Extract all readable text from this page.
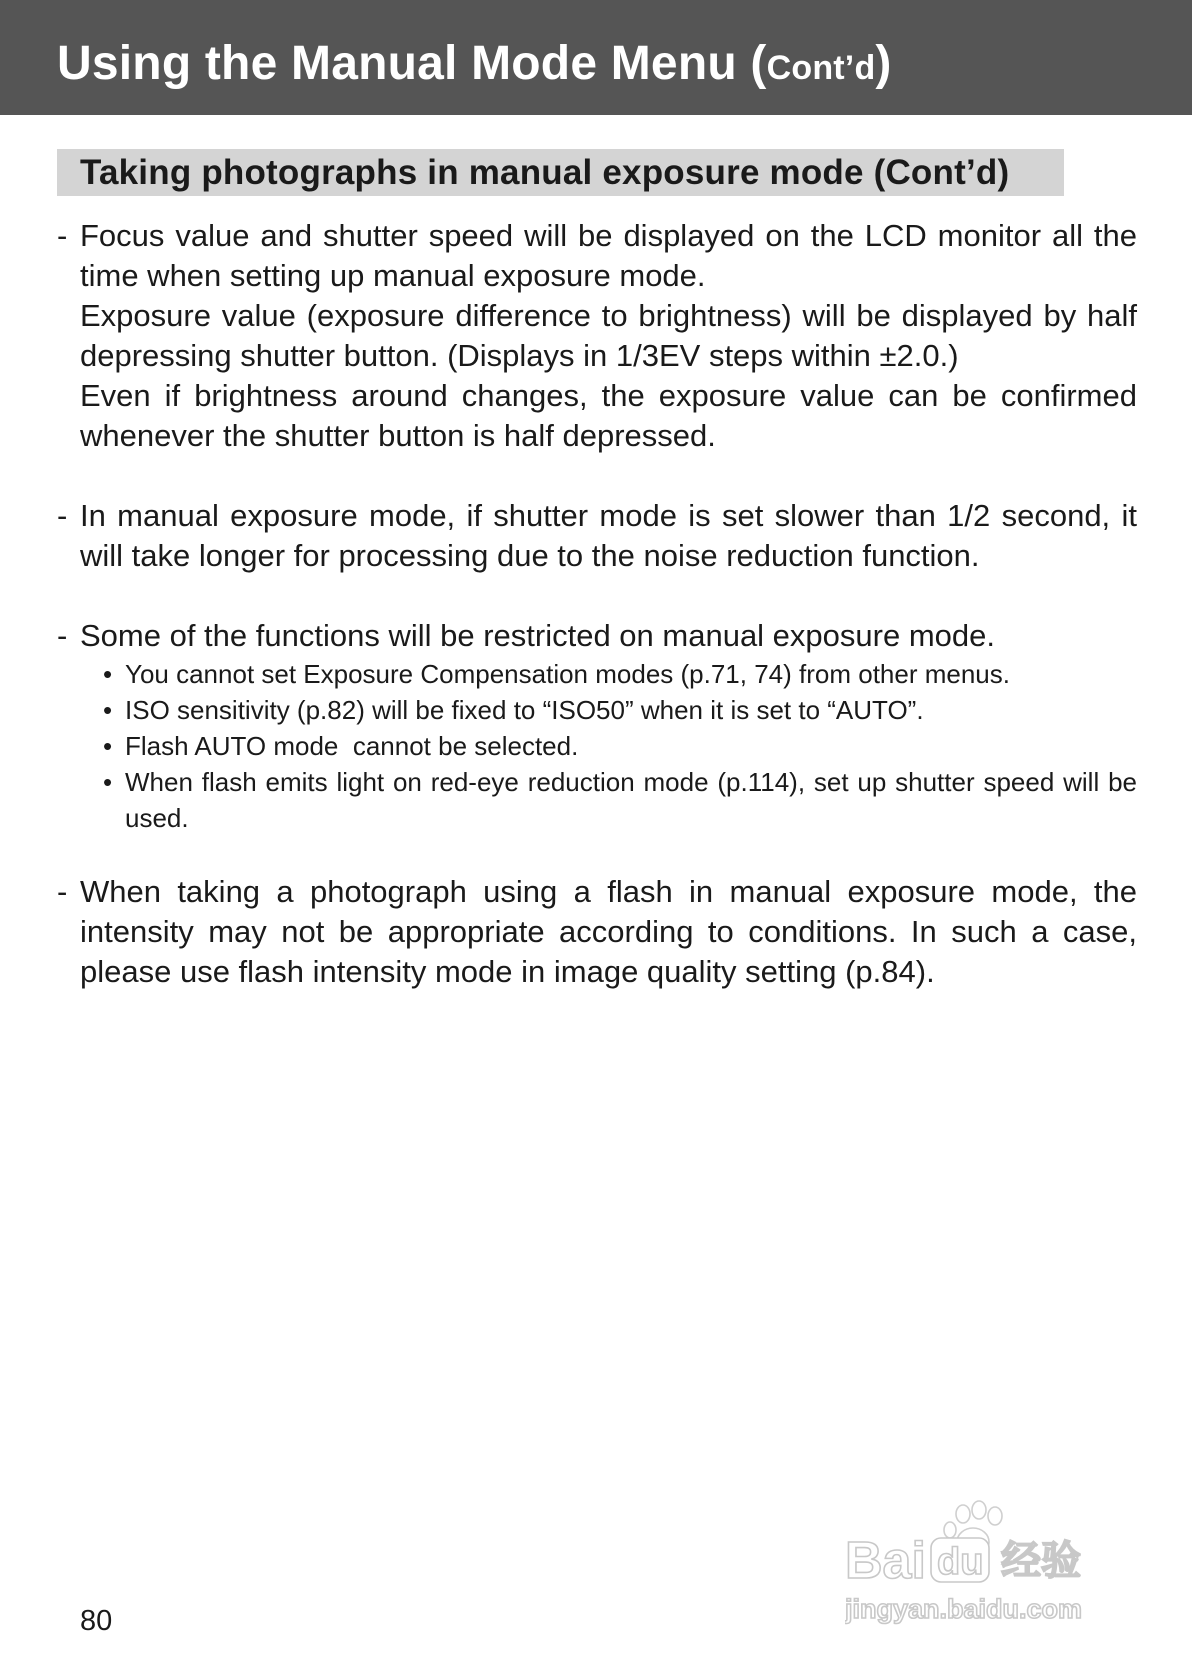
Using the Manual Mode Menu (Cont’d)
Taking photographs in manual exposure mode (Cont’d)
- Focus value and shutter speed will be displayed on the LCD monitor all the time when setting up manual exposure mode.
Exposure value (exposure difference to brightness) will be displayed by half depressing shutter button. (Displays in 1/3EV steps within ±2.0.)
Even if brightness around changes, the exposure value can be confirmed whenever the shutter button is half depressed.
- In manual exposure mode, if shutter mode is set slower than 1/2 second, it will take longer for processing due to the noise reduction function.
- Some of the functions will be restricted on manual exposure mode.
• You cannot set Exposure Compensation modes (p.71, 74) from other menus.
• ISO sensitivity (p.82) will be fixed to “ISO50” when it is set to “AUTO”.
• Flash AUTO mode  cannot be selected.
• When flash emits light on red-eye reduction mode (p.114), set up shutter speed will be used.
- When taking a photograph using a flash in manual exposure mode, the intensity may not be appropriate according to conditions. In such a case, please use flash intensity mode in image quality setting (p.84).
80
Bai du 经验
jingyan.baidu.com
